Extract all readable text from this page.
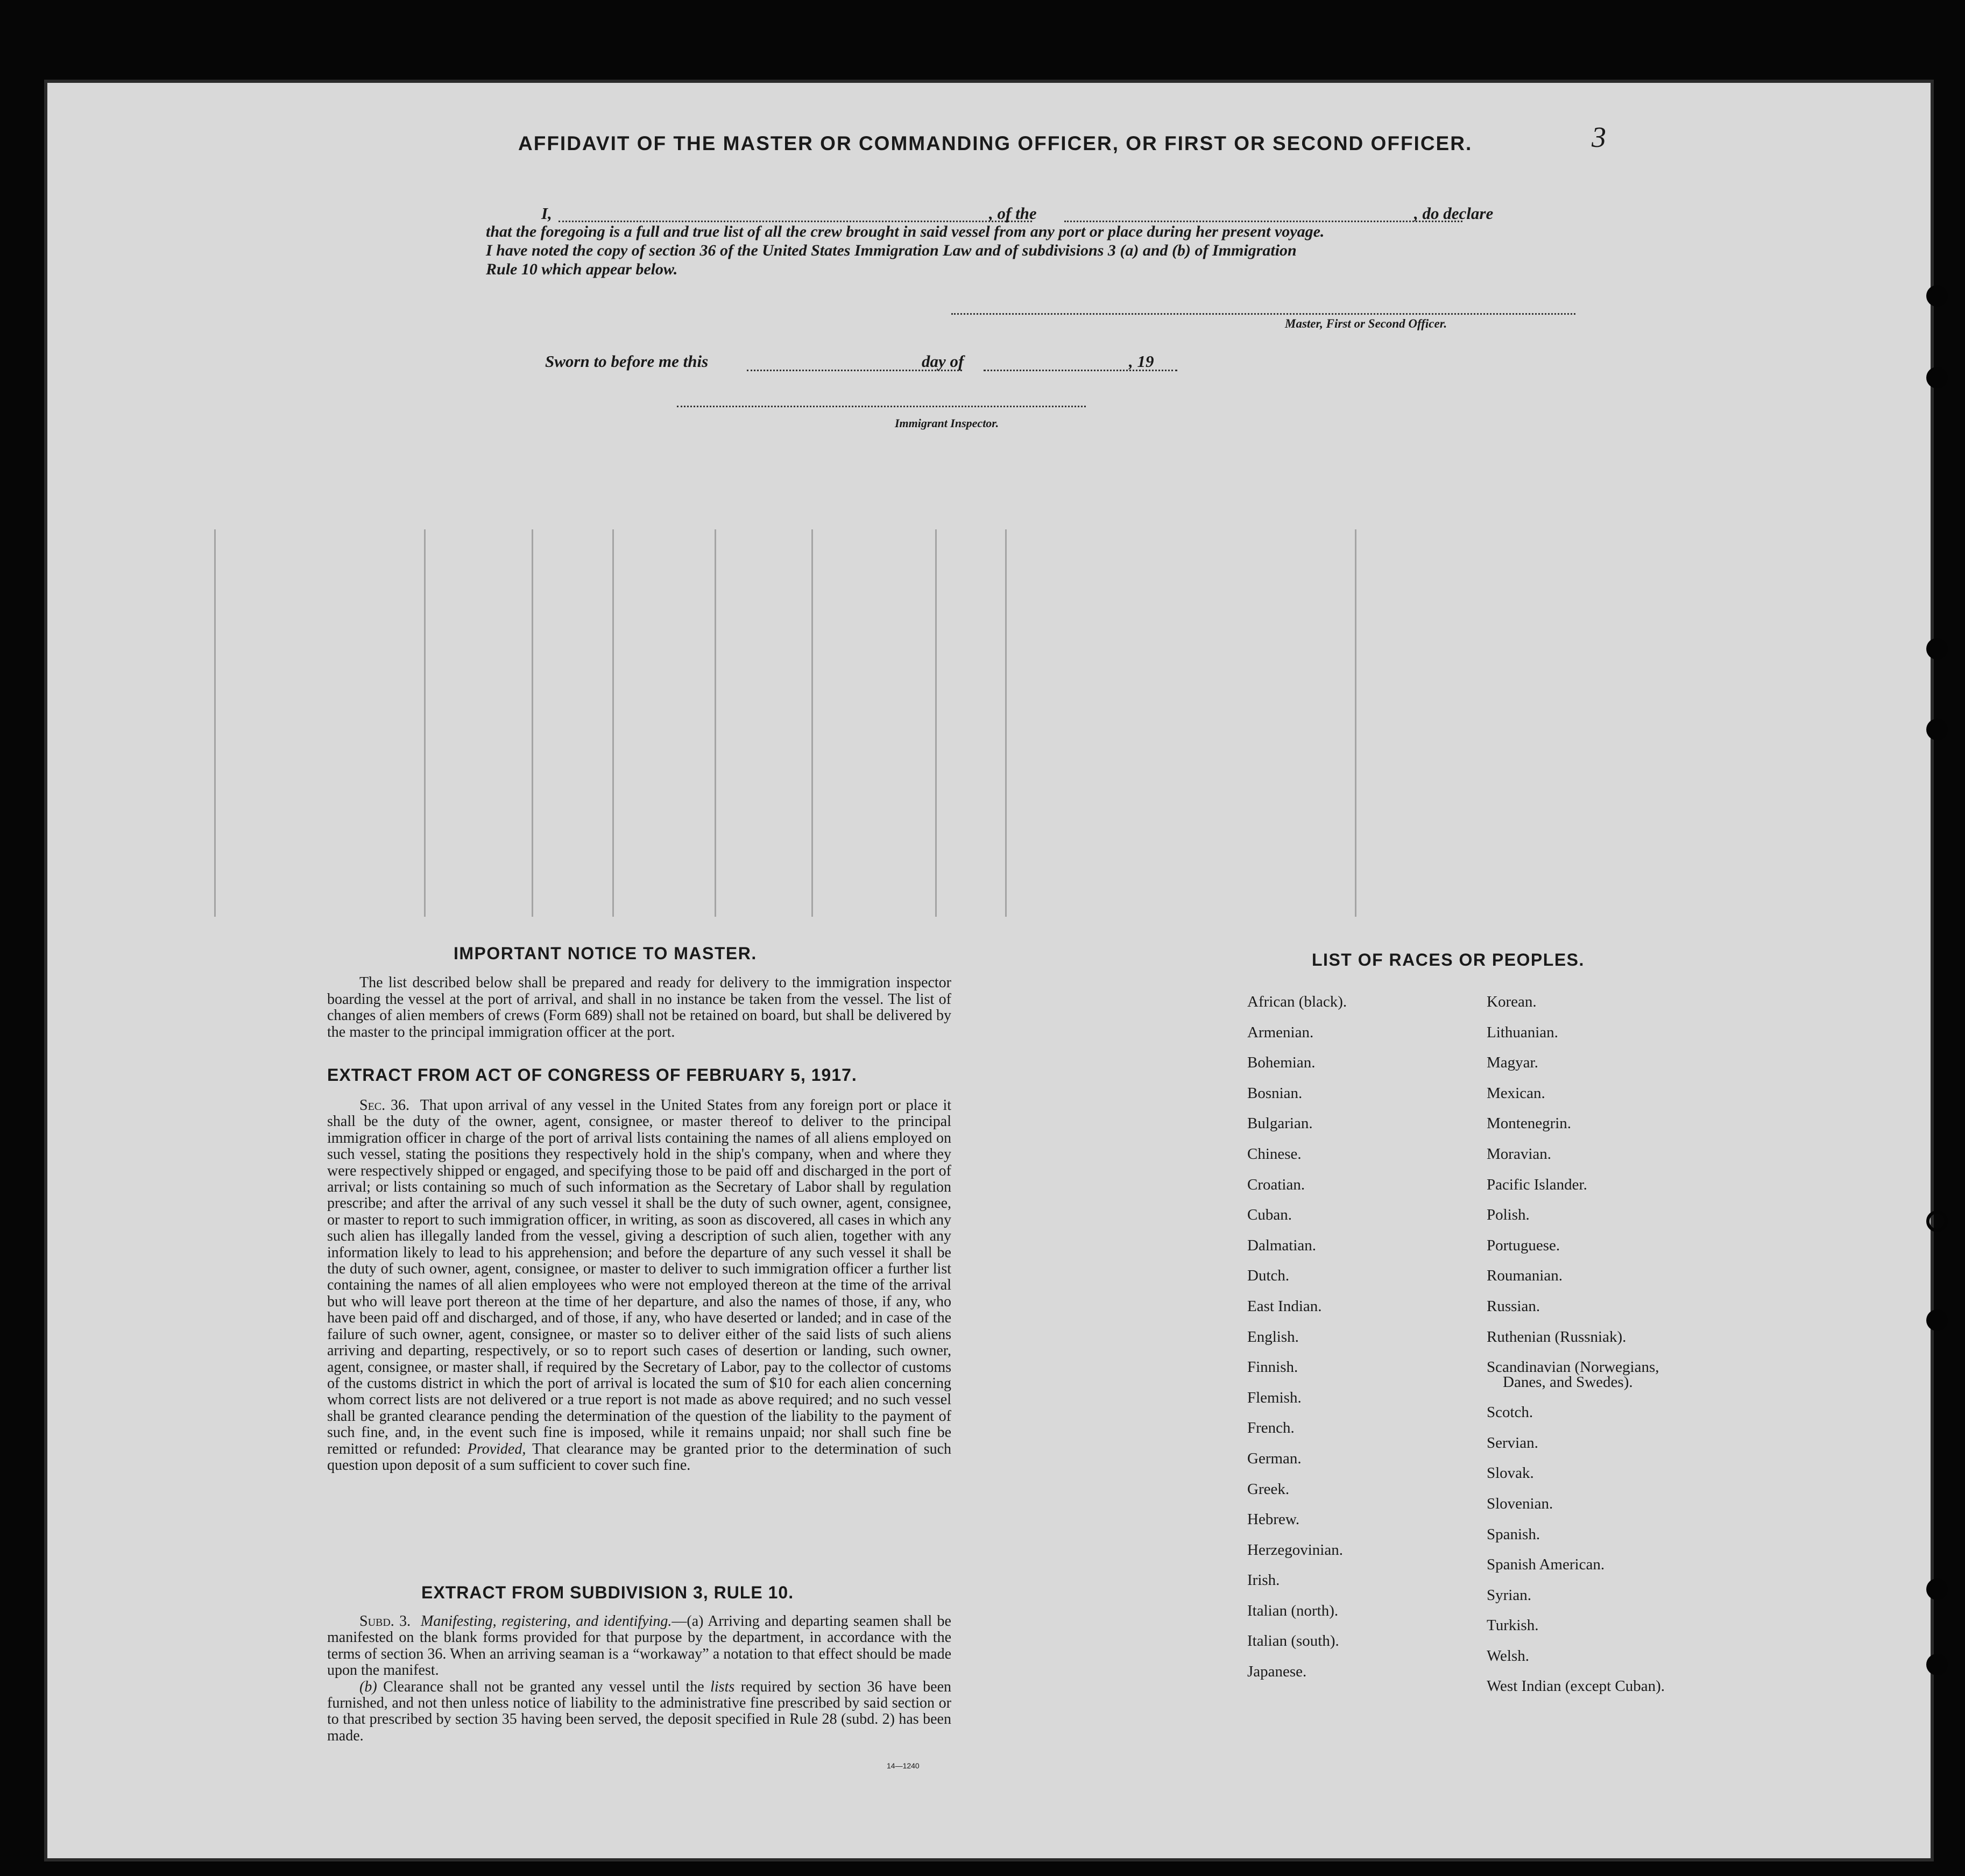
AFFIDAVIT OF THE MASTER OR COMMANDING OFFICER, OR FIRST OR SECOND OFFICER.	3
I,	, of the	, do declare
that the foregoing is a full and true list of all the crew brought in said vessel from any port or place during her present voyage.
I have noted the copy of section 36 of the United States Immigration Law and of subdivisions 3 (a) and (b) of Immigration
Rule 10 which appear below.
Master, First or Second Officer.
Sworn to before me this	day of	, 19
Immigrant Inspector.
IMPORTANT NOTICE TO MASTER.

The list described below shall be prepared and ready for delivery to the immigration inspector boarding the vessel at the port of arrival, and shall in no instance be taken from the vessel. The list of changes of alien members of crews (Form 689) shall not be retained on board, but shall be delivered by the master to the principal immigration officer at the port.

EXTRACT FROM ACT OF CONGRESS OF FEBRUARY 5, 1917.

Sec. 36. That upon arrival of any vessel in the United States from any foreign port or place it shall be the duty of the owner, agent, consignee, or master thereof to deliver to the principal immigration officer in charge of the port of arrival lists containing the names of all aliens employed on such vessel, stating the positions they respectively hold in the ship's company, when and where they were respectively shipped or engaged, and specifying those to be paid off and discharged in the port of arrival; or lists containing so much of such information as the Secretary of Labor shall by regulation prescribe; and after the arrival of any such vessel it shall be the duty of such owner, agent, consignee, or master to report to such immigration officer, in writing, as soon as discovered, all cases in which any such alien has illegally landed from the vessel, giving a description of such alien, together with any information likely to lead to his apprehension; and before the departure of any such vessel it shall be the duty of such owner, agent, consignee, or master to deliver to such immigration officer a further list containing the names of all alien employees who were not employed thereon at the time of the arrival but who will leave port thereon at the time of her departure, and also the names of those, if any, who have been paid off and discharged, and of those, if any, who have deserted or landed; and in case of the failure of such owner, agent, consignee, or master so to deliver either of the said lists of such aliens arriving and departing, respectively, or so to report such cases of desertion or landing, such owner, agent, consignee, or master shall, if required by the Secretary of Labor, pay to the collector of customs of the customs district in which the port of arrival is located the sum of $10 for each alien concerning whom correct lists are not delivered or a true report is not made as above required; and no such vessel shall be granted clearance pending the determination of the question of the liability to the payment of such fine, and, in the event such fine is imposed, while it remains unpaid; nor shall such fine be remitted or refunded: Provided, That clearance may be granted prior to the determination of such question upon deposit of a sum sufficient to cover such fine.

EXTRACT FROM SUBDIVISION 3, RULE 10.

Subd. 3. Manifesting, registering, and identifying.—(a) Arriving and departing seamen shall be manifested on the blank forms provided for that purpose by the department, in accordance with the terms of section 36. When an arriving seaman is a “workaway” a notation to that effect should be made upon the manifest.

(b) Clearance shall not be granted any vessel until the lists required by section 36 have been furnished, and not then unless notice of liability to the administrative fine prescribed by said section or to that prescribed by section 35 having been served, the deposit specified in Rule 28 (subd. 2) has been made.

14—1240
LIST OF RACES OR PEOPLES.
African (black).
Armenian.
Bohemian.
Bosnian.
Bulgarian.
Chinese.
Croatian.
Cuban.
Dalmatian.
Dutch.
East Indian.
English.
Finnish.
Flemish.
French.
German.
Greek.
Hebrew.
Herzegovinian.
Irish.
Italian (north).
Italian (south).
Japanese.
Korean.
Lithuanian.
Magyar.
Mexican.
Montenegrin.
Moravian.
Pacific Islander.
Polish.
Portuguese.
Roumanian.
Russian.
Ruthenian (Russniak).
Scandinavian (Norwegians,
Danes, and Swedes).
Scotch.
Servian.
Slovak.
Slovenian.
Spanish.
Spanish American.
Syrian.
Turkish.
Welsh.
West Indian (except Cuban).
